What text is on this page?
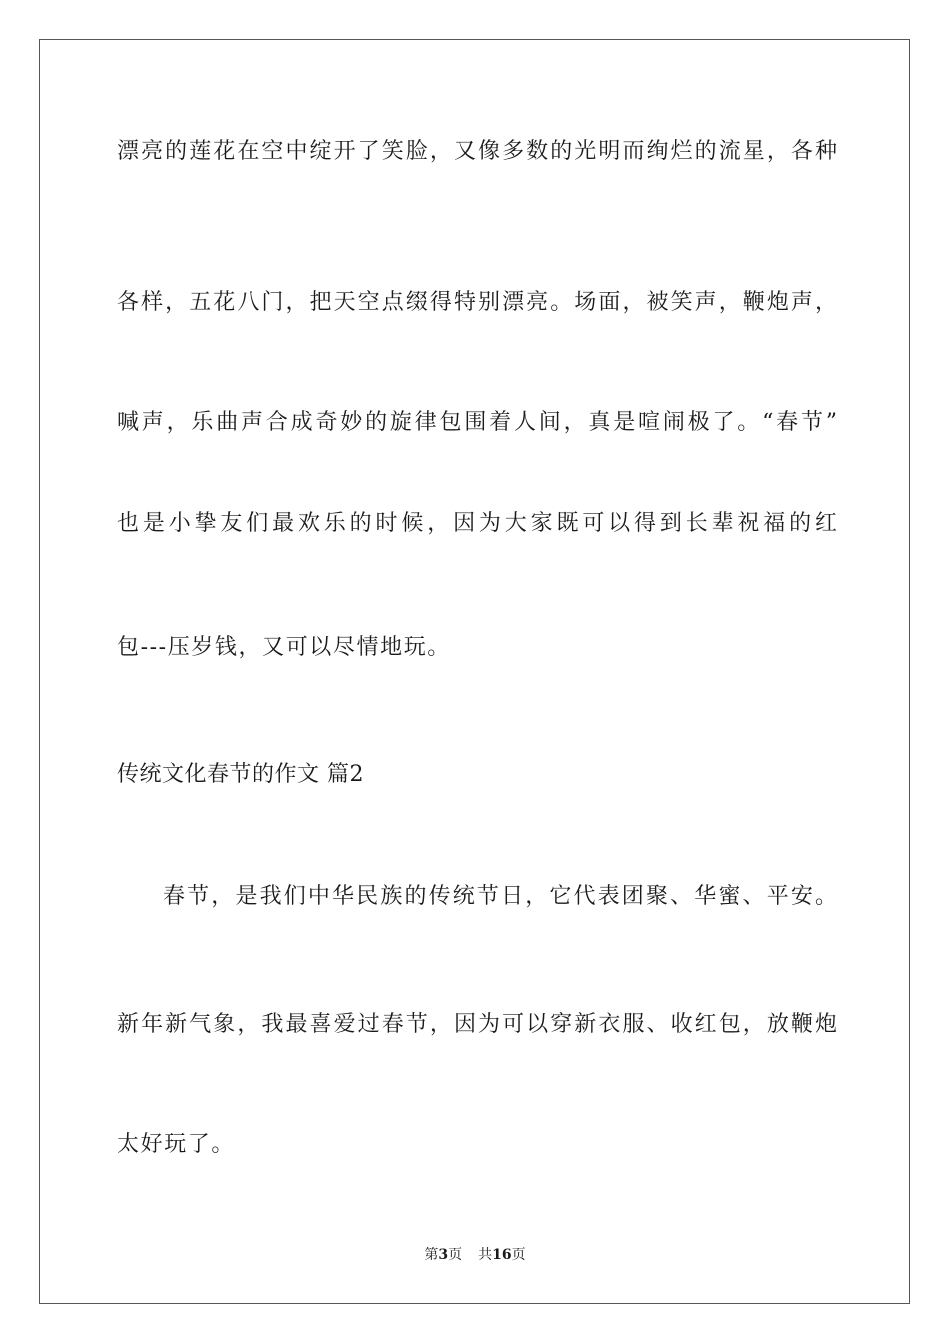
漂亮的莲花在空中绽开了笑脸，又像多数的光明而绚烂的流星，各种
各样，五花八门，把天空点缀得特别漂亮。场面，被笑声，鞭炮声，
喊声，乐曲声合成奇妙的旋律包围着人间，真是喧闹极了。“春节”
也是小挚友们最欢乐的时候，因为大家既可以得到长辈祝福的红
包---压岁钱，又可以尽情地玩。
传统文化春节的作文 篇2
春节，是我们中华民族的传统节日，它代表团聚、华蜜、平安。
新年新气象，我最喜爱过春节，因为可以穿新衣服、收红包，放鞭炮
太好玩了。
第3页 共16页
